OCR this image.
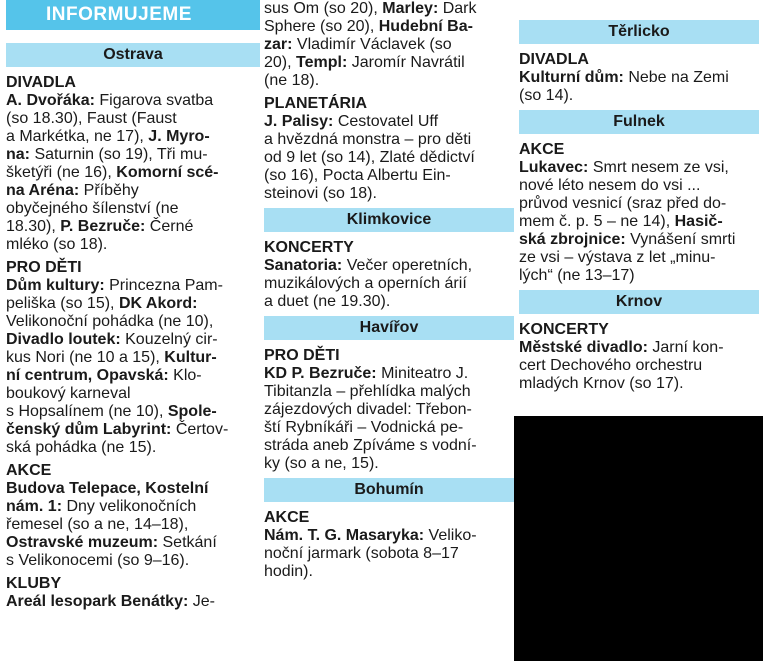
INFORMUJEME
Ostrava
DIVADLA
A. Dvořáka: Figarova svatba
(so 18.30), Faust (Faust
a Markétka, ne 17), J. Myro-
na: Saturnin (so 19), Tři mu-
šketýři (ne 16), Komorní scé-
na Aréna: Příběhy
obyčejného šílenství (ne
18.30), P. Bezruče: Černé
mléko (so 18).
PRO DĚTI
Dům kultury: Princezna Pam-
peliška (so 15), DK Akord:
Velikonoční pohádka (ne 10),
Divadlo loutek: Kouzelný cir-
kus Nori (ne 10 a 15), Kultur-
ní centrum, Opavská: Klo-
boukový karneval
s Hopsalínem (ne 10), Spole-
čenský dům Labyrint: Čertov-
ská pohádka (ne 15).
AKCE
Budova Telepace, Kostelní
nám. 1: Dny velikonočních
řemesel (so a ne, 14–18),
Ostravské muzeum: Setkání
s Velikonocemi (so 9–16).
KLUBY
Areál lesopark Benátky: Je-
sus Om (so 20), Marley: Dark
Sphere (so 20), Hudební Ba-
zar: Vladimír Václavek (so
20), Templ: Jaromír Navrátil
(ne 18).
PLANETÁRIA
J. Palisy: Cestovatel Uff
a hvězdná monstra – pro děti
od 9 let (so 14), Zlaté dědictví
(so 16), Pocta Albertu Ein-
steinovi (so 18).
Klimkovice
KONCERTY
Sanatoria: Večer operetních,
muzikálových a operních árií
a duet (ne 19.30).
Havířov
PRO DĚTI
KD P. Bezruče: Miniteatro J.
Tibitanzla – přehlídka malých
zájezdových divadel: Třebon-
ští Rybníkáři – Vodnická pe-
stráda aneb Zpíváme s vodní-
ky (so a ne, 15).
Bohumín
AKCE
Nám. T. G. Masaryka: Veliko-
noční jarmark (sobota 8–17
hodin).
Těrlicko
DIVADLA
Kulturní dům: Nebe na Zemi
(so 14).
Fulnek
AKCE
Lukavec: Smrt nesem ze vsi,
nové léto nesem do vsi ...
průvod vesnicí (sraz před do-
mem č. p. 5 – ne 14), Hasič-
ská zbrojnice: Vynášení smrti
ze vsi – výstava z let „minu-
lých“ (ne 13–17)
Krnov
KONCERTY
Městské divadlo: Jarní kon-
cert Dechového orchestru
mladých Krnov (so 17).
